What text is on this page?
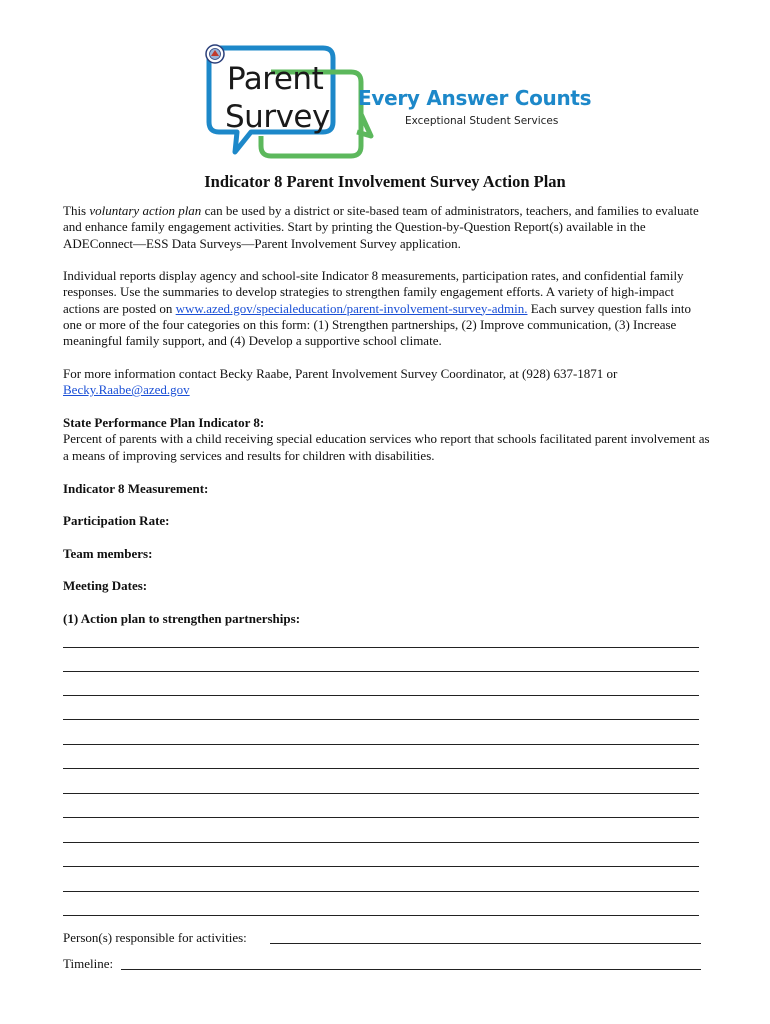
Parent
Survey
Every Answer Counts
Exceptional Student Services
Indicator 8 Parent Involvement Survey Action Plan

This voluntary action plan can be used by a district or site-based team of administrators, teachers, and families to evaluate and enhance family engagement activities. Start by printing the Question-by-Question Report(s) available in the ADEConnect—ESS Data Surveys—Parent Involvement Survey application.

Individual reports display agency and school-site Indicator 8 measurements, participation rates, and confidential family responses. Use the summaries to develop strategies to strengthen family engagement efforts. A variety of high-impact actions are posted on www.azed.gov/specialeducation/parent-involvement-survey-admin. Each survey question falls into one or more of the four categories on this form: (1) Strengthen partnerships, (2) Improve communication, (3) Increase meaningful family support, and (4) Develop a supportive school climate.

For more information contact Becky Raabe, Parent Involvement Survey Coordinator, at (928) 637-1871 or Becky.Raabe@azed.gov

State Performance Plan Indicator 8:

Percent of parents with a child receiving special education services who report that schools facilitated parent involvement as a means of improving services and results for children with disabilities.

Indicator 8 Measurement:
Participation Rate:
Team members:
Meeting Dates:
(1) Action plan to strengthen partnerships:
Person(s) responsible for activities:
Timeline:
